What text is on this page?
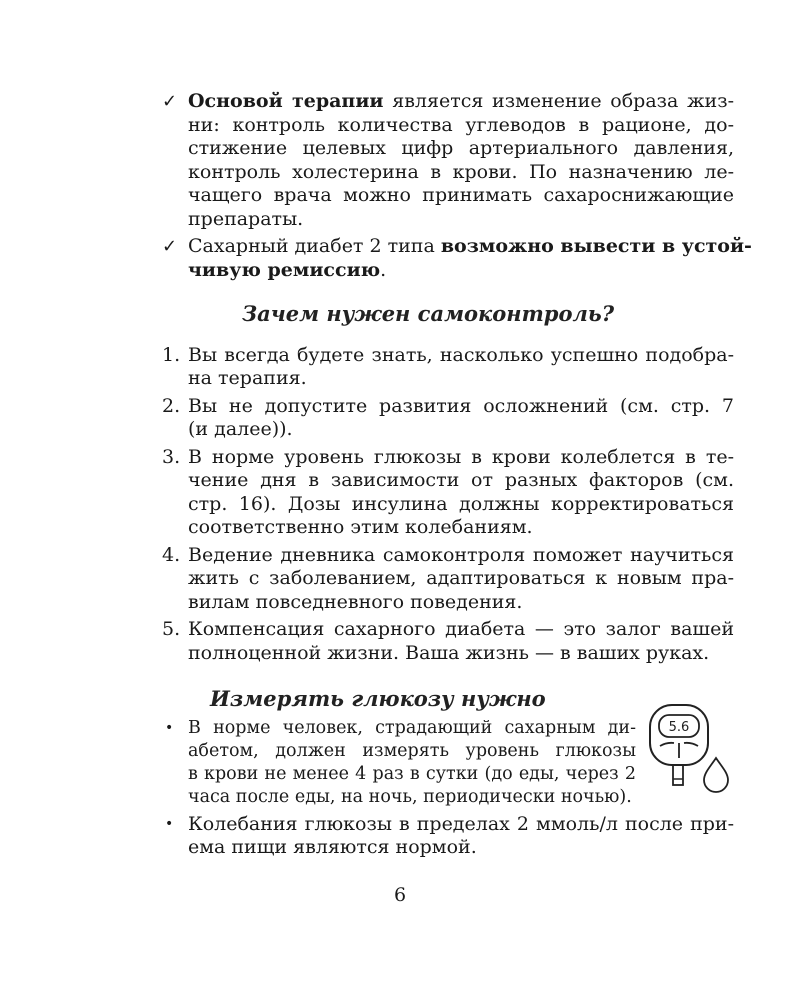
✓ Основой терапии является изменение образа жиз-
ни: контроль количества углеводов в рационе, до-
стижение целевых цифр артериального давления,
контроль холестерина в крови. По назначению ле-
чащего врача можно принимать сахароснижающие
препараты.
✓ Сахарный диабет 2 типа возможно вывести в устой-
чивую ремиссию.
Зачем нужен самоконтроль?
1. Вы всегда будете знать, насколько успешно подобра-
на терапия.
2. Вы не допустите развития осложнений (см. стр. 7
(и далее)).
3. В норме уровень глюкозы в крови колеблется в те-
чение дня в зависимости от разных факторов (см.
стр. 16). Дозы инсулина должны корректироваться
соответственно этим колебаниям.
4. Ведение дневника самоконтроля поможет научиться
жить с заболеванием, адаптироваться к новым пра-
вилам повседневного поведения.
5. Компенсация сахарного диабета — это залог вашей
полноценной жизни. Ваша жизнь — в ваших руках.
Измерять глюкозу нужно
5.6
• В норме человек, страдающий сахарным ди-
абетом, должен измерять уровень глюкозы
в крови не менее 4 раз в сутки (до еды, через 2
часа после еды, на ночь, периодически ночью).
• Колебания глюкозы в пределах 2 ммоль/л после при-
ема пищи являются нормой.
6
